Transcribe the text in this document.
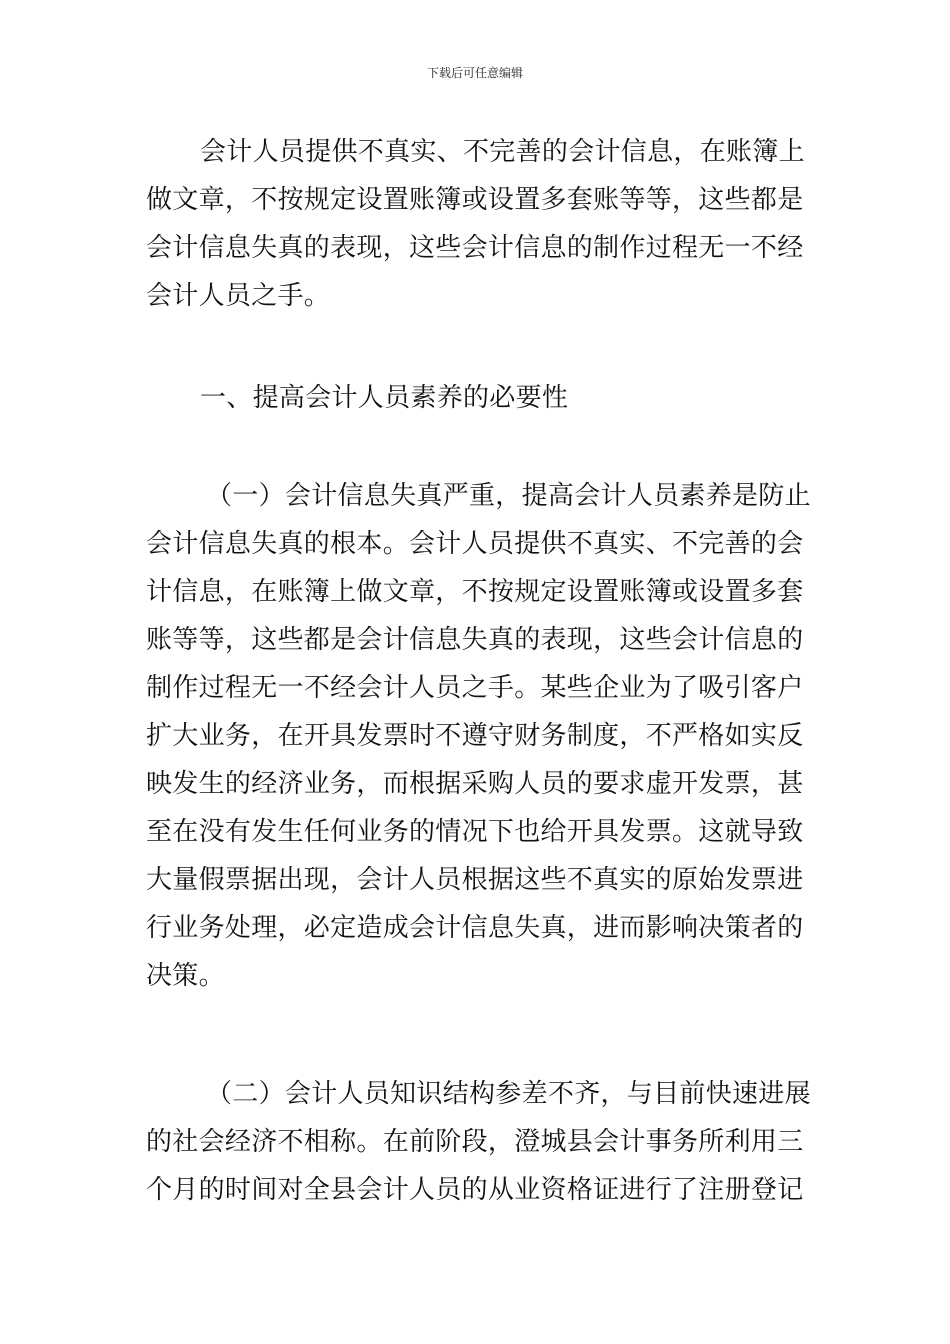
下载后可任意编辑
会计人员提供不真实、不完善的会计信息，在账簿上
做文章，不按规定设置账簿或设置多套账等等，这些都是
会计信息失真的表现，这些会计信息的制作过程无一不经
会计人员之手。
一、提高会计人员素养的必要性
（一）会计信息失真严重，提高会计人员素养是防止
会计信息失真的根本。会计人员提供不真实、不完善的会
计信息，在账簿上做文章，不按规定设置账簿或设置多套
账等等，这些都是会计信息失真的表现，这些会计信息的
制作过程无一不经会计人员之手。某些企业为了吸引客户
扩大业务，在开具发票时不遵守财务制度，不严格如实反
映发生的经济业务，而根据采购人员的要求虚开发票，甚
至在没有发生任何业务的情况下也给开具发票。这就导致
大量假票据出现，会计人员根据这些不真实的原始发票进
行业务处理，必定造成会计信息失真，进而影响决策者的
决策。
（二）会计人员知识结构参差不齐，与目前快速进展
的社会经济不相称。在前阶段，澄城县会计事务所利用三
个月的时间对全县会计人员的从业资格证进行了注册登记
